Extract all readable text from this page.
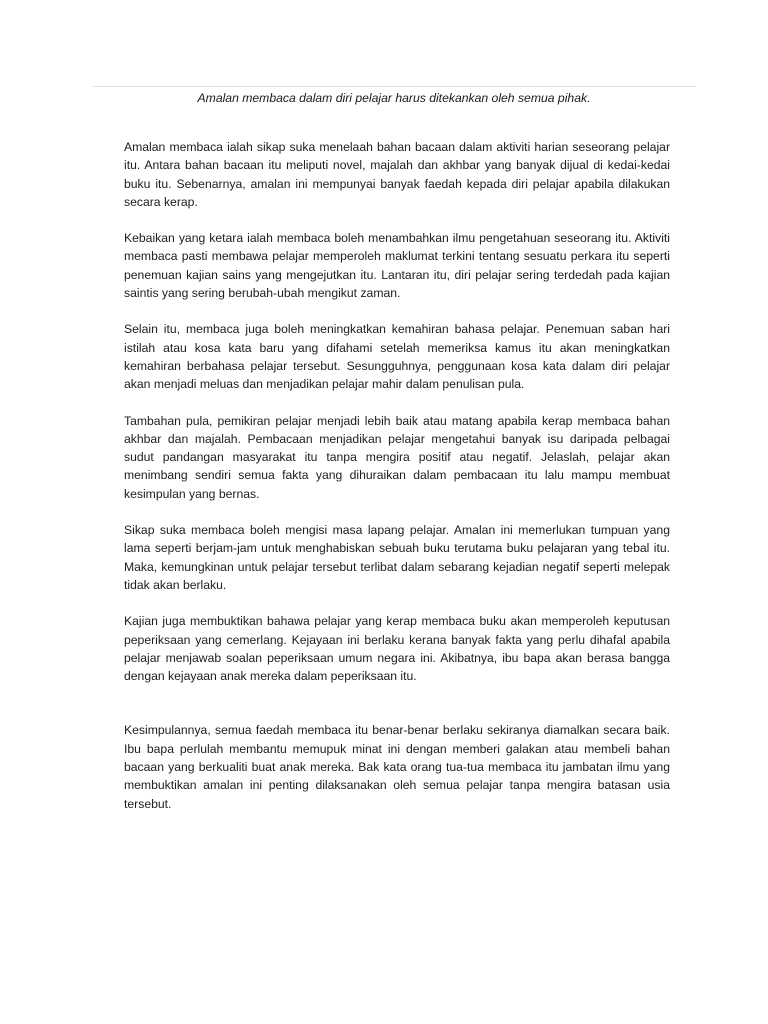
Amalan membaca dalam diri pelajar harus ditekankan oleh semua pihak.

Amalan membaca ialah sikap suka menelaah bahan bacaan dalam aktiviti harian seseorang pelajar itu. Antara bahan bacaan itu meliputi novel, majalah dan akhbar yang banyak dijual di kedai-kedai buku itu. Sebenarnya, amalan ini mempunyai banyak faedah kepada diri pelajar apabila dilakukan secara kerap.

Kebaikan yang ketara ialah membaca boleh menambahkan ilmu pengetahuan seseorang itu. Aktiviti membaca pasti membawa pelajar memperoleh maklumat terkini tentang sesuatu perkara itu seperti penemuan kajian sains yang mengejutkan itu. Lantaran itu, diri pelajar sering terdedah pada kajian saintis yang sering berubah-ubah mengikut zaman.

Selain itu, membaca juga boleh meningkatkan kemahiran bahasa pelajar. Penemuan saban hari istilah atau kosa kata baru yang difahami setelah memeriksa kamus itu akan meningkatkan kemahiran berbahasa pelajar tersebut. Sesungguhnya, penggunaan kosa kata dalam diri pelajar akan menjadi meluas dan menjadikan pelajar mahir dalam penulisan pula.

Tambahan pula, pemikiran pelajar menjadi lebih baik atau matang apabila kerap membaca bahan akhbar dan majalah. Pembacaan menjadikan pelajar mengetahui banyak isu daripada pelbagai sudut pandangan masyarakat itu tanpa mengira positif atau negatif. Jelaslah, pelajar akan menimbang sendiri semua fakta yang dihuraikan dalam pembacaan itu lalu mampu membuat kesimpulan yang bernas.

Sikap suka membaca boleh mengisi masa lapang pelajar. Amalan ini memerlukan tumpuan yang lama seperti berjam-jam untuk menghabiskan sebuah buku terutama buku pelajaran yang tebal itu. Maka, kemungkinan untuk pelajar tersebut terlibat dalam sebarang kejadian negatif seperti melepak tidak akan berlaku.

Kajian juga membuktikan bahawa pelajar yang kerap membaca buku akan memperoleh keputusan peperiksaan yang cemerlang. Kejayaan ini berlaku kerana banyak fakta yang perlu dihafal apabila pelajar menjawab soalan peperiksaan umum negara ini. Akibatnya, ibu bapa akan berasa bangga dengan kejayaan anak mereka dalam peperiksaan itu.

Kesimpulannya, semua faedah membaca itu benar-benar berlaku sekiranya diamalkan secara baik. Ibu bapa perlulah membantu memupuk minat ini dengan memberi galakan atau membeli bahan bacaan yang berkualiti buat anak mereka. Bak kata orang tua-tua membaca itu jambatan ilmu yang membuktikan amalan ini penting dilaksanakan oleh semua pelajar tanpa mengira batasan usia tersebut.
